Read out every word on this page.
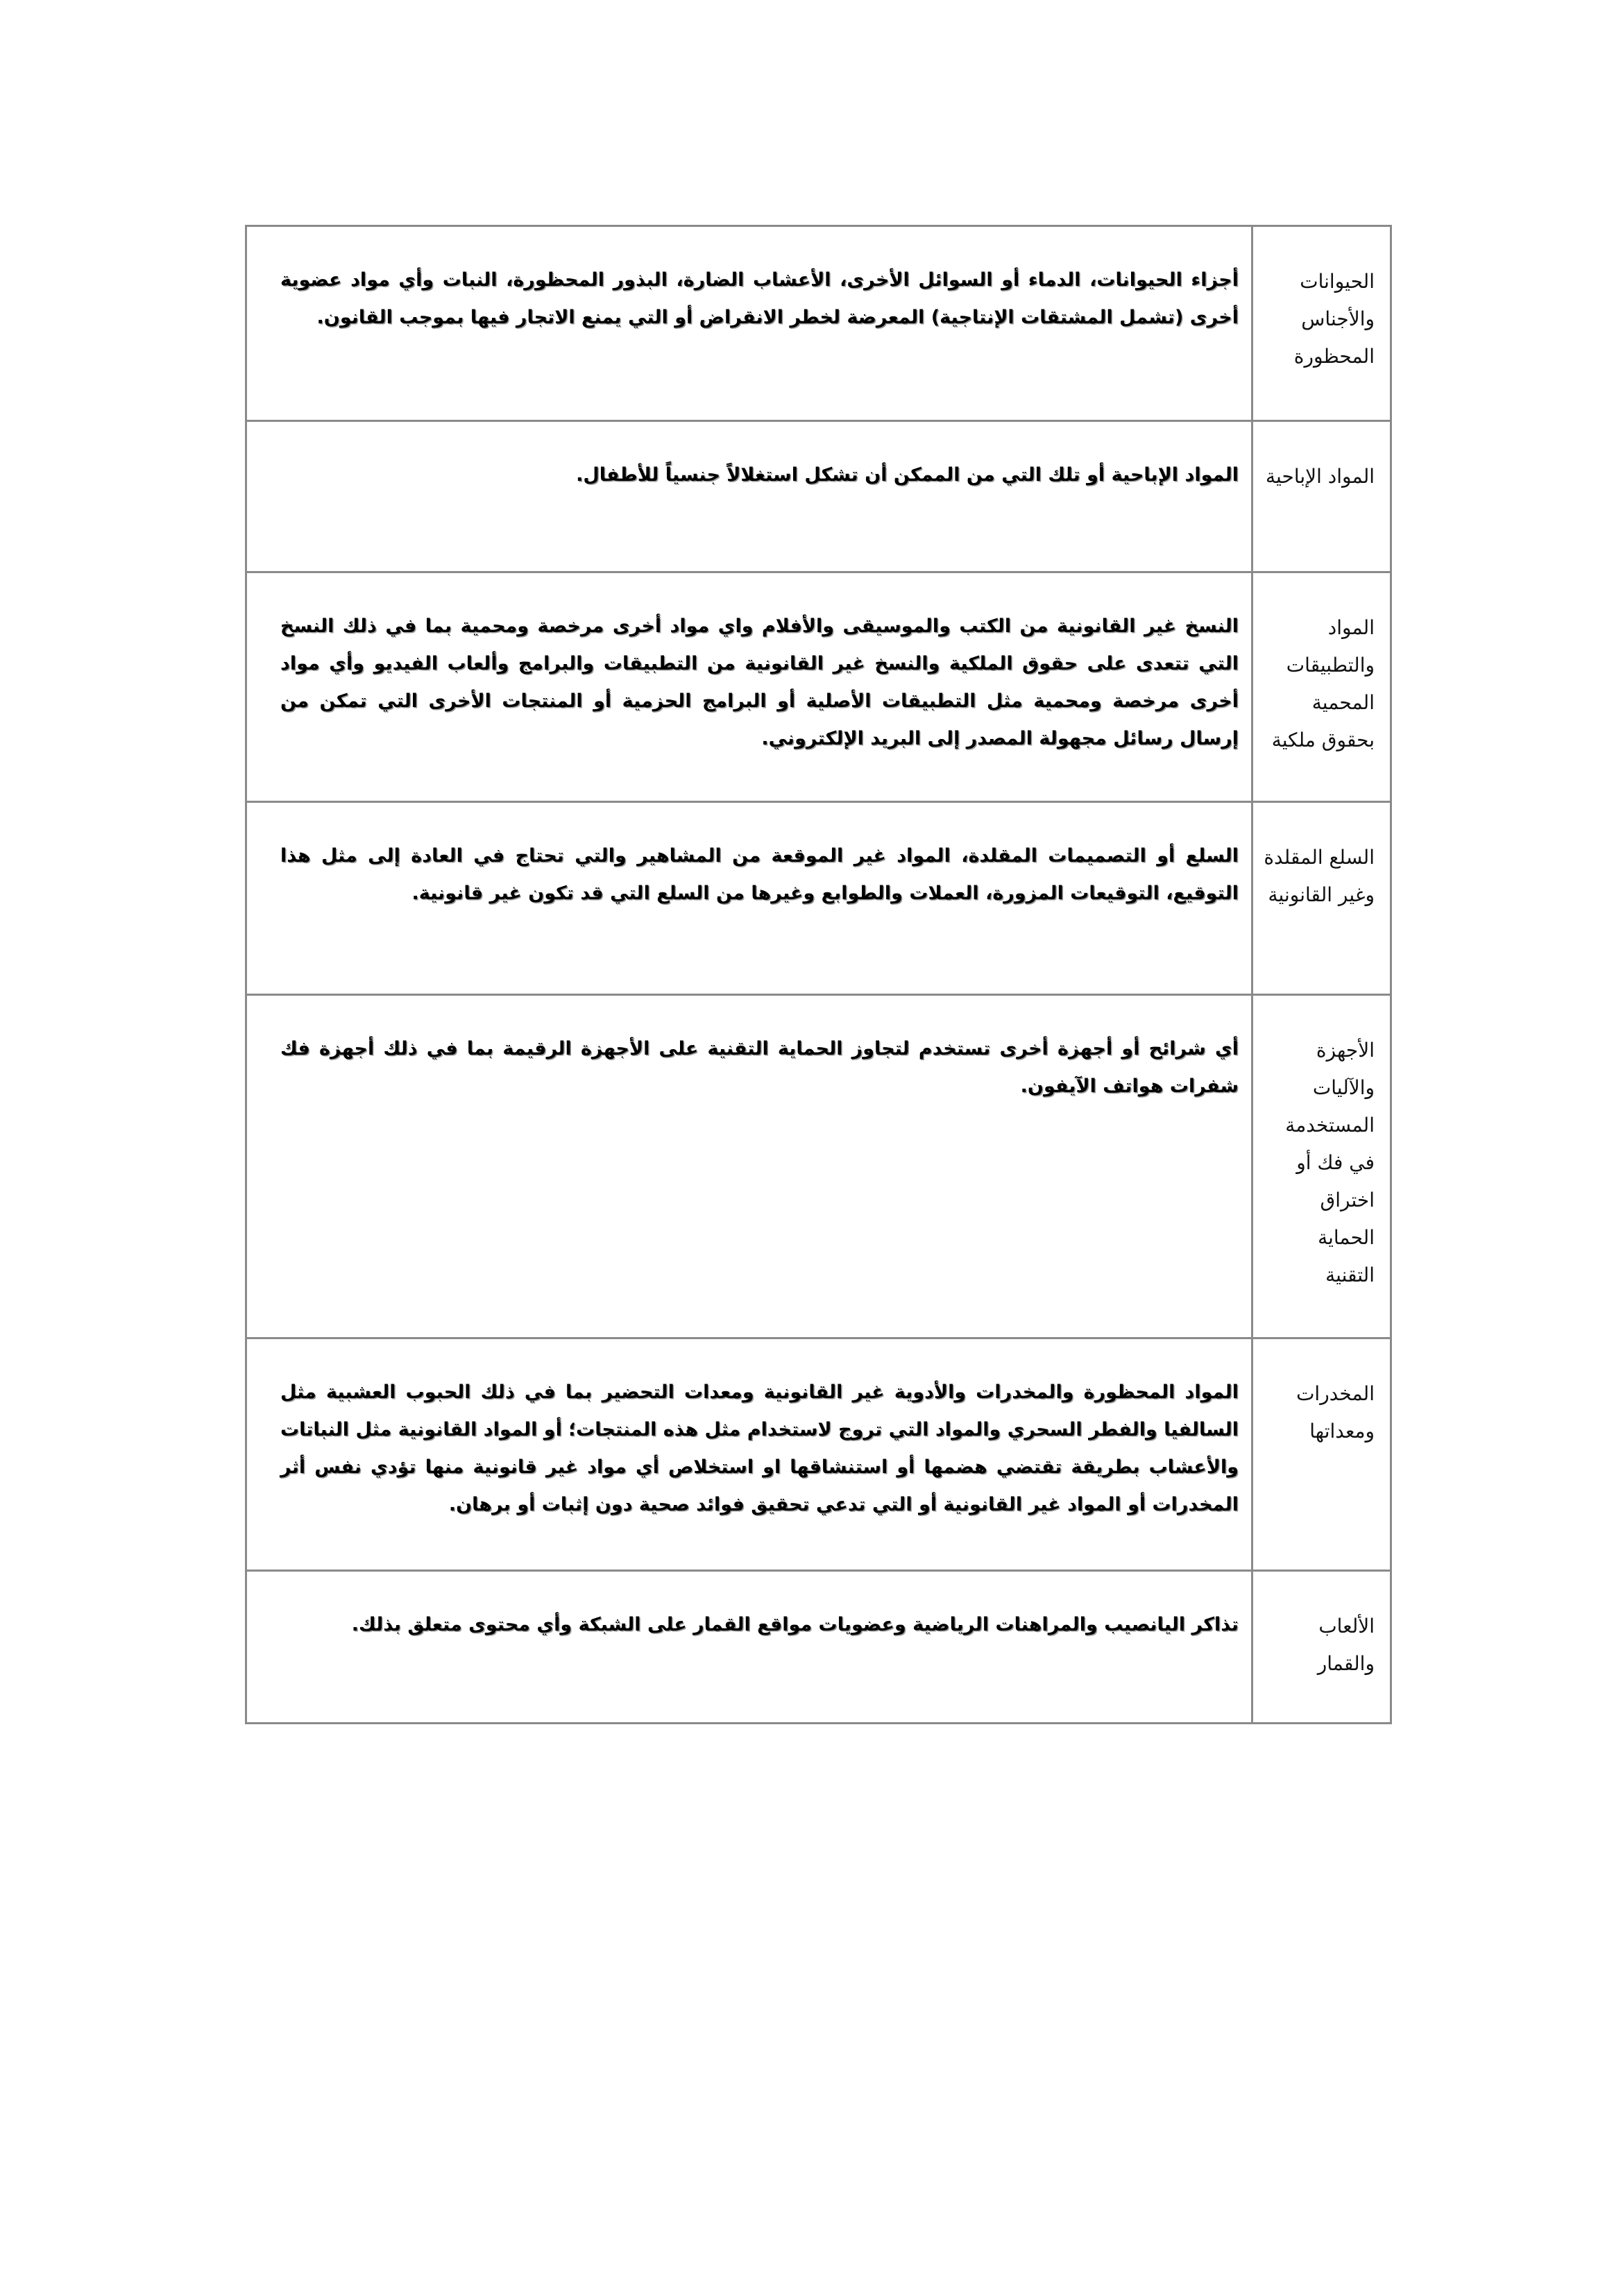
الحيوانات والأجناس المحظورة	أجزاء الحيوانات، الدماء أو السوائل الأخرى، الأعشاب الضارة، البذور المحظورة، النبات وأي مواد عضوية أخرى (تشمل المشتقات الإنتاجية) المعرضة لخطر الانقراض أو التي يمنع الاتجار فيها بموجب القانون.
المواد الإباحية	المواد الإباحية أو تلك التي من الممكن أن تشكل استغلالاً جنسياً للأطفال.
المواد والتطبيقات المحمية بحقوق ملكية	النسخ غير القانونية من الكتب والموسيقى والأفلام واي مواد أخرى مرخصة ومحمية بما في ذلك النسخ التي تتعدى على حقوق الملكية والنسخ غير القانونية من التطبيقات والبرامج وألعاب الفيديو وأي مواد أخرى مرخصة ومحمية مثل التطبيقات الأصلية أو البرامج الحزمية أو المنتجات الأخرى التي تمكن من إرسال رسائل مجهولة المصدر إلى البريد الإلكتروني.
السلع المقلدة وغير القانونية	السلع أو التصميمات المقلدة، المواد غير الموقعة من المشاهير والتي تحتاج في العادة إلى مثل هذا التوقيع، التوقيعات المزورة، العملات والطوابع وغيرها من السلع التي قد تكون غير قانونية.
الأجهزة والآليات المستخدمة في فك أو اختراق الحماية التقنية	أي شرائح أو أجهزة أخرى تستخدم لتجاوز الحماية التقنية على الأجهزة الرقيمة بما في ذلك أجهزة فك شفرات هواتف الآيفون.
المخدرات ومعداتها	المواد المحظورة والمخدرات والأدوية غير القانونية ومعدات التحضير بما في ذلك الحبوب العشبية مثل السالفيا والفطر السحري والمواد التي تروج لاستخدام مثل هذه المنتجات؛ أو المواد القانونية مثل النباتات والأعشاب بطريقة تقتضي هضمها أو استنشاقها او استخلاص أي مواد غير قانونية منها تؤدي نفس أثر المخدرات أو المواد غير القانونية أو التي تدعي تحقيق فوائد صحية دون إثبات أو برهان.
الألعاب والقمار	تذاكر اليانصيب والمراهنات الرياضية وعضويات مواقع القمار على الشبكة وأي محتوى متعلق بذلك.
